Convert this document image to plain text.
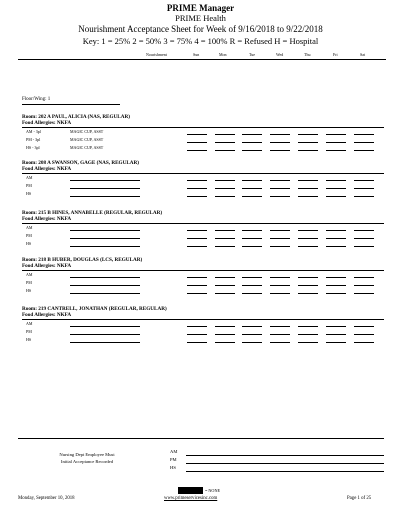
PRIME Manager
PRIME Health
Nourishment Acceptance Sheet for Week of 9/16/2018 to 9/22/2018
Key: 1 = 25% 2 = 50% 3 = 75% 4 = 100% R = Refused H = Hospital
Nourishment	Sun	Mon	Tue	Wed	Thu	Fri	Sat
Floor/Wing: 1
Room: 202 A PAUL, ALICIA (NAS, REGULAR)
Food Allergies: NKFA
AM - 3pl	MAGIC CUP, ASST
PM - 3pl	MAGIC CUP, ASST
HS - 3pl	MAGIC CUP, ASST
Room: 208 A SWANSON, GAGE (NAS, REGULAR)
Food Allergies: NKFA
AM
PM
HS
Room: 215 B HINES, ANNABELLE (REGULAR, REGULAR)
Food Allergies: NKFA
AM
PM
HS
Room: 218 B HUBER, DOUGLAS (LCS, REGULAR)
Food Allergies: NKFA
AM
PM
HS
Room: 219 CANTRELL, JONATHAN (REGULAR, REGULAR)
Food Allergies: NKFA
AM
PM
HS
Nursing Dept Employee Must
Initial Acceptance Recorded
AM
PM
HS
= NONE
Monday, September 10, 2018	www.primeservicesinc.com	Page 1 of 25
